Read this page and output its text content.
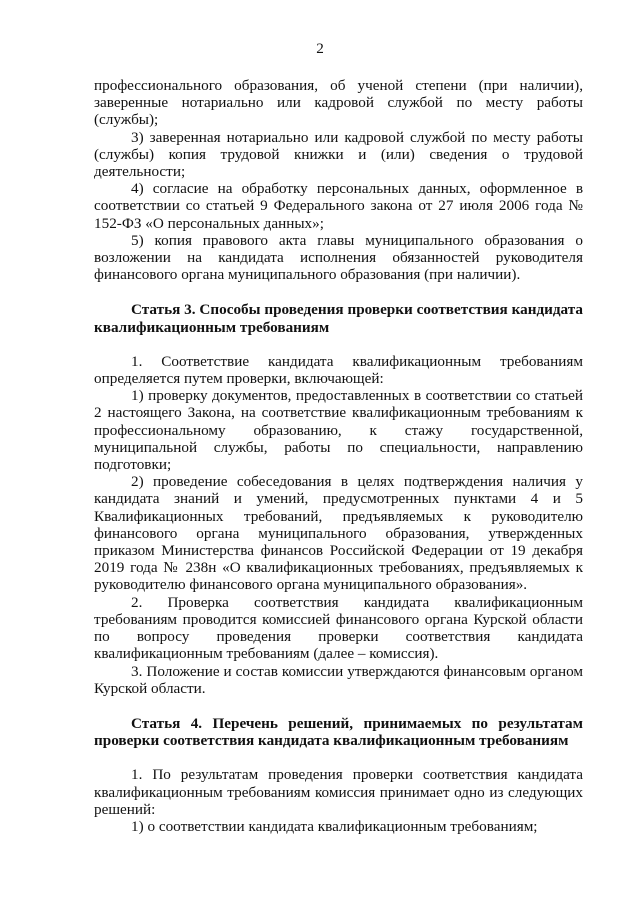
2

профессионального образования, об ученой степени (при наличии), заверенные нотариально или кадровой службой по месту работы (службы);

3) заверенная нотариально или кадровой службой по месту работы (службы) копия трудовой книжки и (или) сведения о трудовой деятельности;

4) согласие на обработку персональных данных, оформленное в соответствии со статьей 9 Федерального закона от 27 июля 2006 года № 152-ФЗ «О персональных данных»;

5) копия правового акта главы муниципального образования о возложении на кандидата исполнения обязанностей руководителя финансового органа муниципального образования (при наличии).

Статья 3. Способы проведения проверки соответствия кандидата квалификационным требованиям

1. Соответствие кандидата квалификационным требованиям определяется путем проверки, включающей:

1) проверку документов, предоставленных в соответствии со статьей 2 настоящего Закона, на соответствие квалификационным требованиям к профессиональному образованию, к стажу государственной, муниципальной службы, работы по специальности, направлению подготовки;

2) проведение собеседования в целях подтверждения наличия у кандидата знаний и умений, предусмотренных пунктами 4 и 5 Квалификационных требований, предъявляемых к руководителю финансового органа муниципального образования, утвержденных приказом Министерства финансов Российской Федерации от 19 декабря 2019 года № 238н «О квалификационных требованиях, предъявляемых к руководителю финансового органа муниципального образования».

2. Проверка соответствия кандидата квалификационным требованиям проводится комиссией финансового органа Курской области по вопросу проведения проверки соответствия кандидата квалификационным требованиям (далее – комиссия).

3. Положение и состав комиссии утверждаются финансовым органом Курской области.

Статья 4. Перечень решений, принимаемых по результатам проверки соответствия кандидата квалификационным требованиям

1. По результатам проведения проверки соответствия кандидата квалификационным требованиям комиссия принимает одно из следующих решений:

1) о соответствии кандидата квалификационным требованиям;
